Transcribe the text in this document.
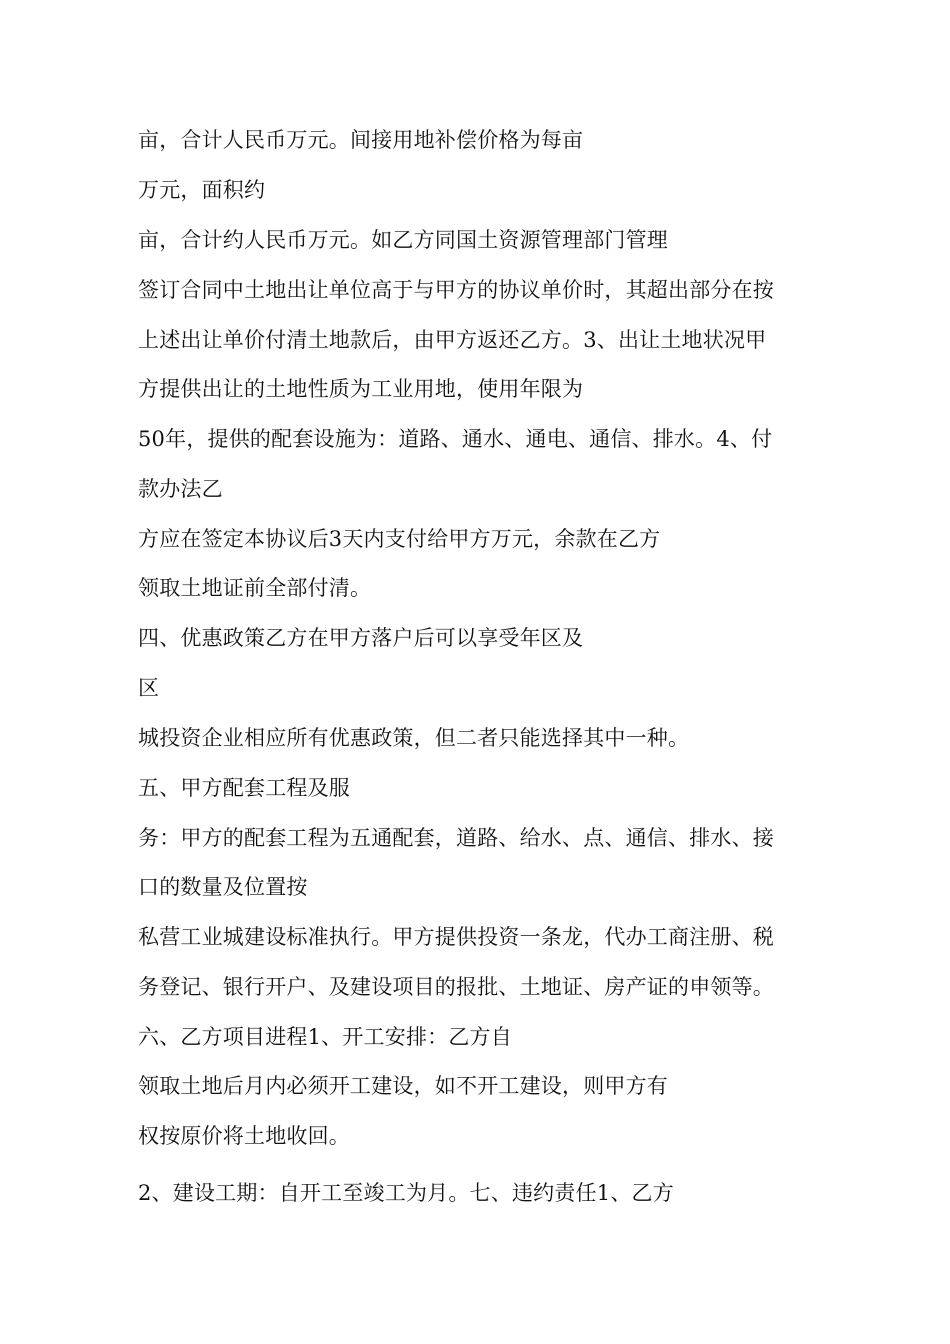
亩，合计人民币万元。间接用地补偿价格为每亩
万元，面积约
亩，合计约人民币万元。如乙方同国土资源管理部门管理
签订合同中土地出让单位高于与甲方的协议单价时，其超出部分在按
上述出让单价付清土地款后，由甲方返还乙方。3、出让土地状况甲
方提供出让的土地性质为工业用地，使用年限为
50年，提供的配套设施为：道路、通水、通电、通信、排水。4、付
款办法乙
方应在签定本协议后3天内支付给甲方万元，余款在乙方
领取土地证前全部付清。
四、优惠政策乙方在甲方落户后可以享受年区及
区
城投资企业相应所有优惠政策，但二者只能选择其中一种。
五、甲方配套工程及服
务：甲方的配套工程为五通配套，道路、给水、点、通信、排水、接
口的数量及位置按
私营工业城建设标准执行。甲方提供投资一条龙，代办工商注册、税
务登记、银行开户、及建设项目的报批、土地证、房产证的申领等。
六、乙方项目进程1、开工安排：乙方自
领取土地后月内必须开工建设，如不开工建设，则甲方有
权按原价将土地收回。
2、建设工期：自开工至竣工为月。七、违约责任1、乙方
